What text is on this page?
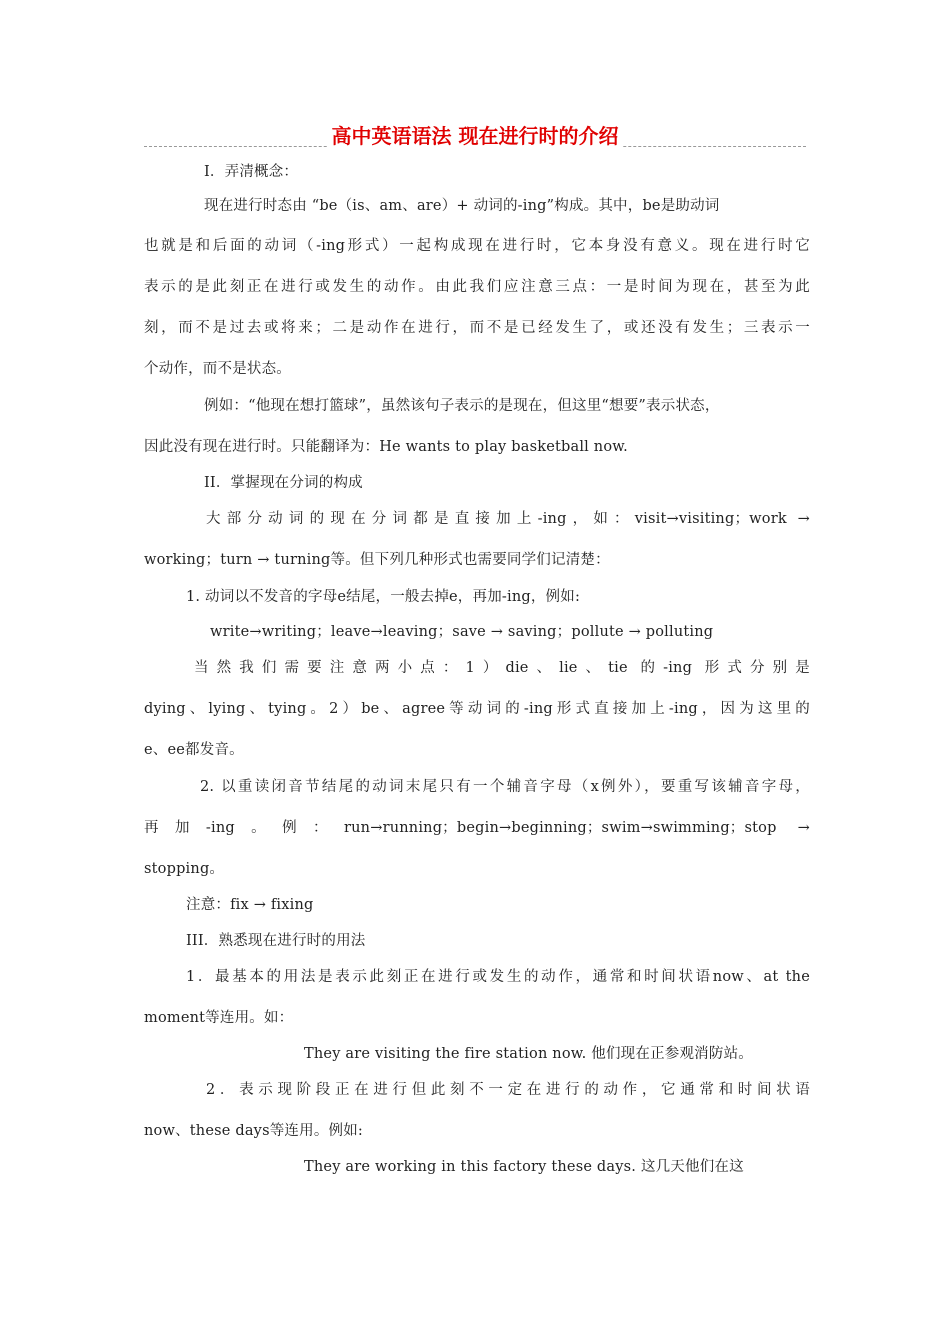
高中英语语法 现在进行时的介绍
I．弄清概念：
现在进行时态由 “be（is、am、are）+ 动词的-ing”构成。其中，be是助动词
也就是和后面的动词（-ing形式）一起构成现在进行时，它本身没有意义。现在进行时它
表示的是此刻正在进行或发生的动作。由此我们应注意三点：一是时间为现在，甚至为此
刻，而不是过去或将来；二是动作在进行，而不是已经发生了，或还没有发生；三表示一
个动作，而不是状态。
例如：“他现在想打篮球”，虽然该句子表示的是现在，但这里“想要”表示状态，
因此没有现在进行时。只能翻译为：He wants to play basketball now.
II．掌握现在分词的构成
大部分动词的现在分词都是直接加上-ing，如：visit→visiting；work →
working；turn → turning等。但下列几种形式也需要同学们记清楚：
1. 动词以不发音的字母e结尾，一般去掉e，再加-ing，例如:
write→writing；leave→leaving；save → saving；pollute → polluting
当然我们需要注意两小点：1）die、lie、tie 的-ing 形式分别是
dying、lying、tying。2）be、agree等动词的-ing形式直接加上-ing，因为这里的
e、ee都发音。
2. 以重读闭音节结尾的动词末尾只有一个辅音字母（x例外），要重写该辅音字母，
再加-ing。例：run→running；begin→beginning；swim→swimming；stop →
stopping。
注意：fix → fixing
III．熟悉现在进行时的用法
1．最基本的用法是表示此刻正在进行或发生的动作，通常和时间状语now、at the
moment等连用。如：
They are visiting the fire station now. 他们现在正参观消防站。
2．表示现阶段正在进行但此刻不一定在进行的动作，它通常和时间状语
now、these days等连用。例如:
They are working in this factory these days. 这几天他们在这
